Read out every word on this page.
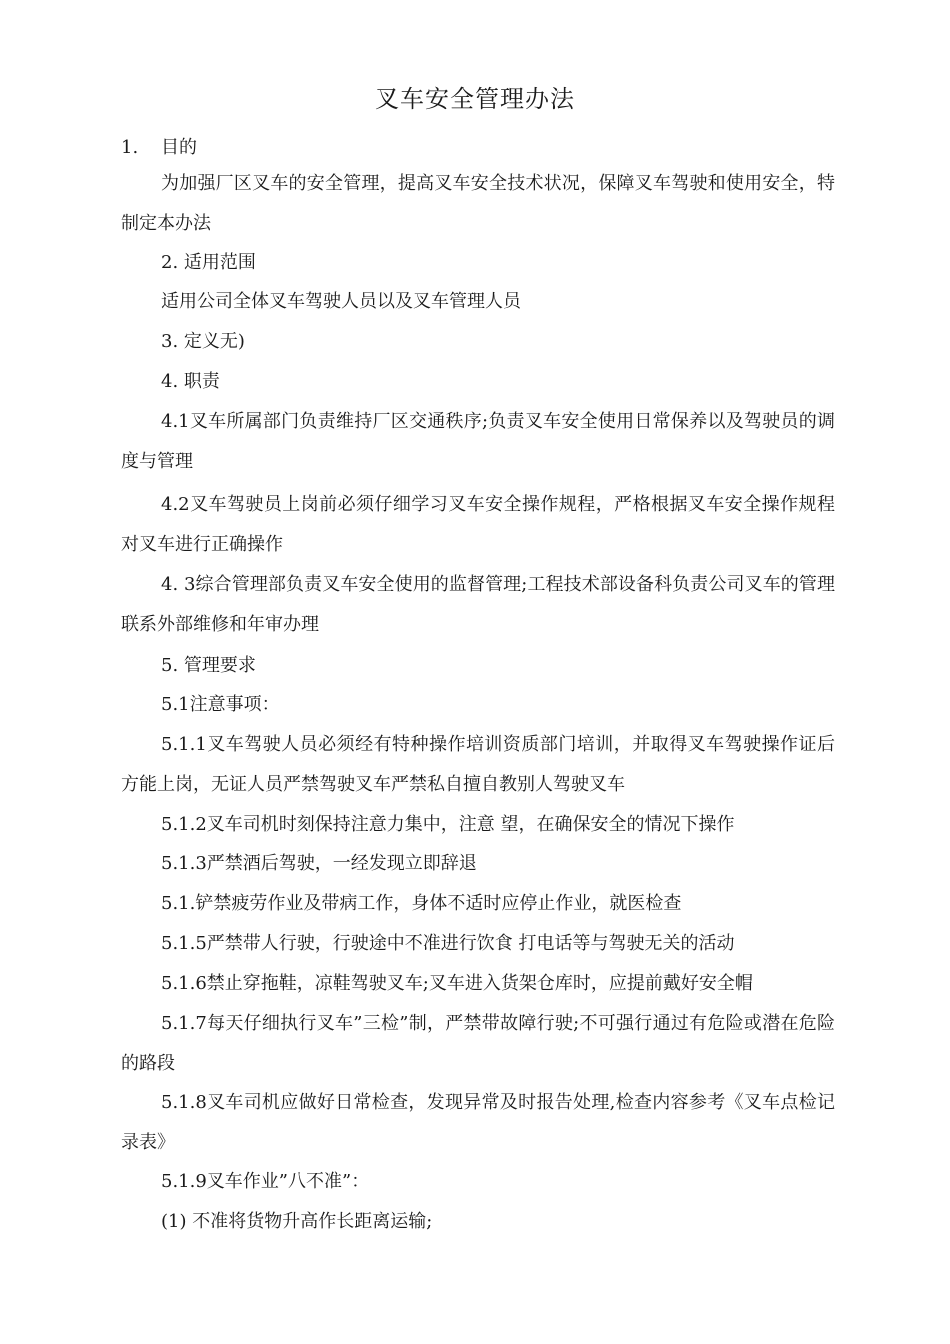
叉车安全管理办法
1. 目的
为加强厂区叉车的安全管理，提高叉车安全技术状况，保障叉车驾驶和使用安全，特制定本办法
2. 适用范围
适用公司全体叉车驾驶人员以及叉车管理人员
3. 定义无)
4. 职责
4.1叉车所属部门负责维持厂区交通秩序;负责叉车安全使用日常保养以及驾驶员的调度与管理
4.2叉车驾驶员上岗前必须仔细学习叉车安全操作规程，严格根据叉车安全操作规程对叉车进行正确操作
4. 3综合管理部负责叉车安全使用的监督管理;工程技术部设备科负责公司叉车的管理 联系外部维修和年审办理
5. 管理要求
5.1注意事项：
5.1.1叉车驾驶人员必须经有特种操作培训资质部门培训，并取得叉车驾驶操作证后方能上岗，无证人员严禁驾驶叉车严禁私自擅自教别人驾驶叉车
5.1.2叉车司机时刻保持注意力集中，注意 望，在确保安全的情况下操作
5.1.3严禁酒后驾驶，一经发现立即辞退
5.1.铲禁疲劳作业及带病工作，身体不适时应停止作业，就医检查
5.1.5严禁带人行驶，行驶途中不准进行饮食 打电话等与驾驶无关的活动
5.1.6禁止穿拖鞋，凉鞋驾驶叉车;叉车进入货架仓库时，应提前戴好安全帽
5.1.7每天仔细执行叉车”三检”制，严禁带故障行驶;不可强行通过有危险或潜在危险的路段
5.1.8叉车司机应做好日常检查，发现异常及时报告处理,检查内容参考《叉车点检记录表》
5.1.9叉车作业”八不准”：
(1) 不准将货物升高作长距离运输;
